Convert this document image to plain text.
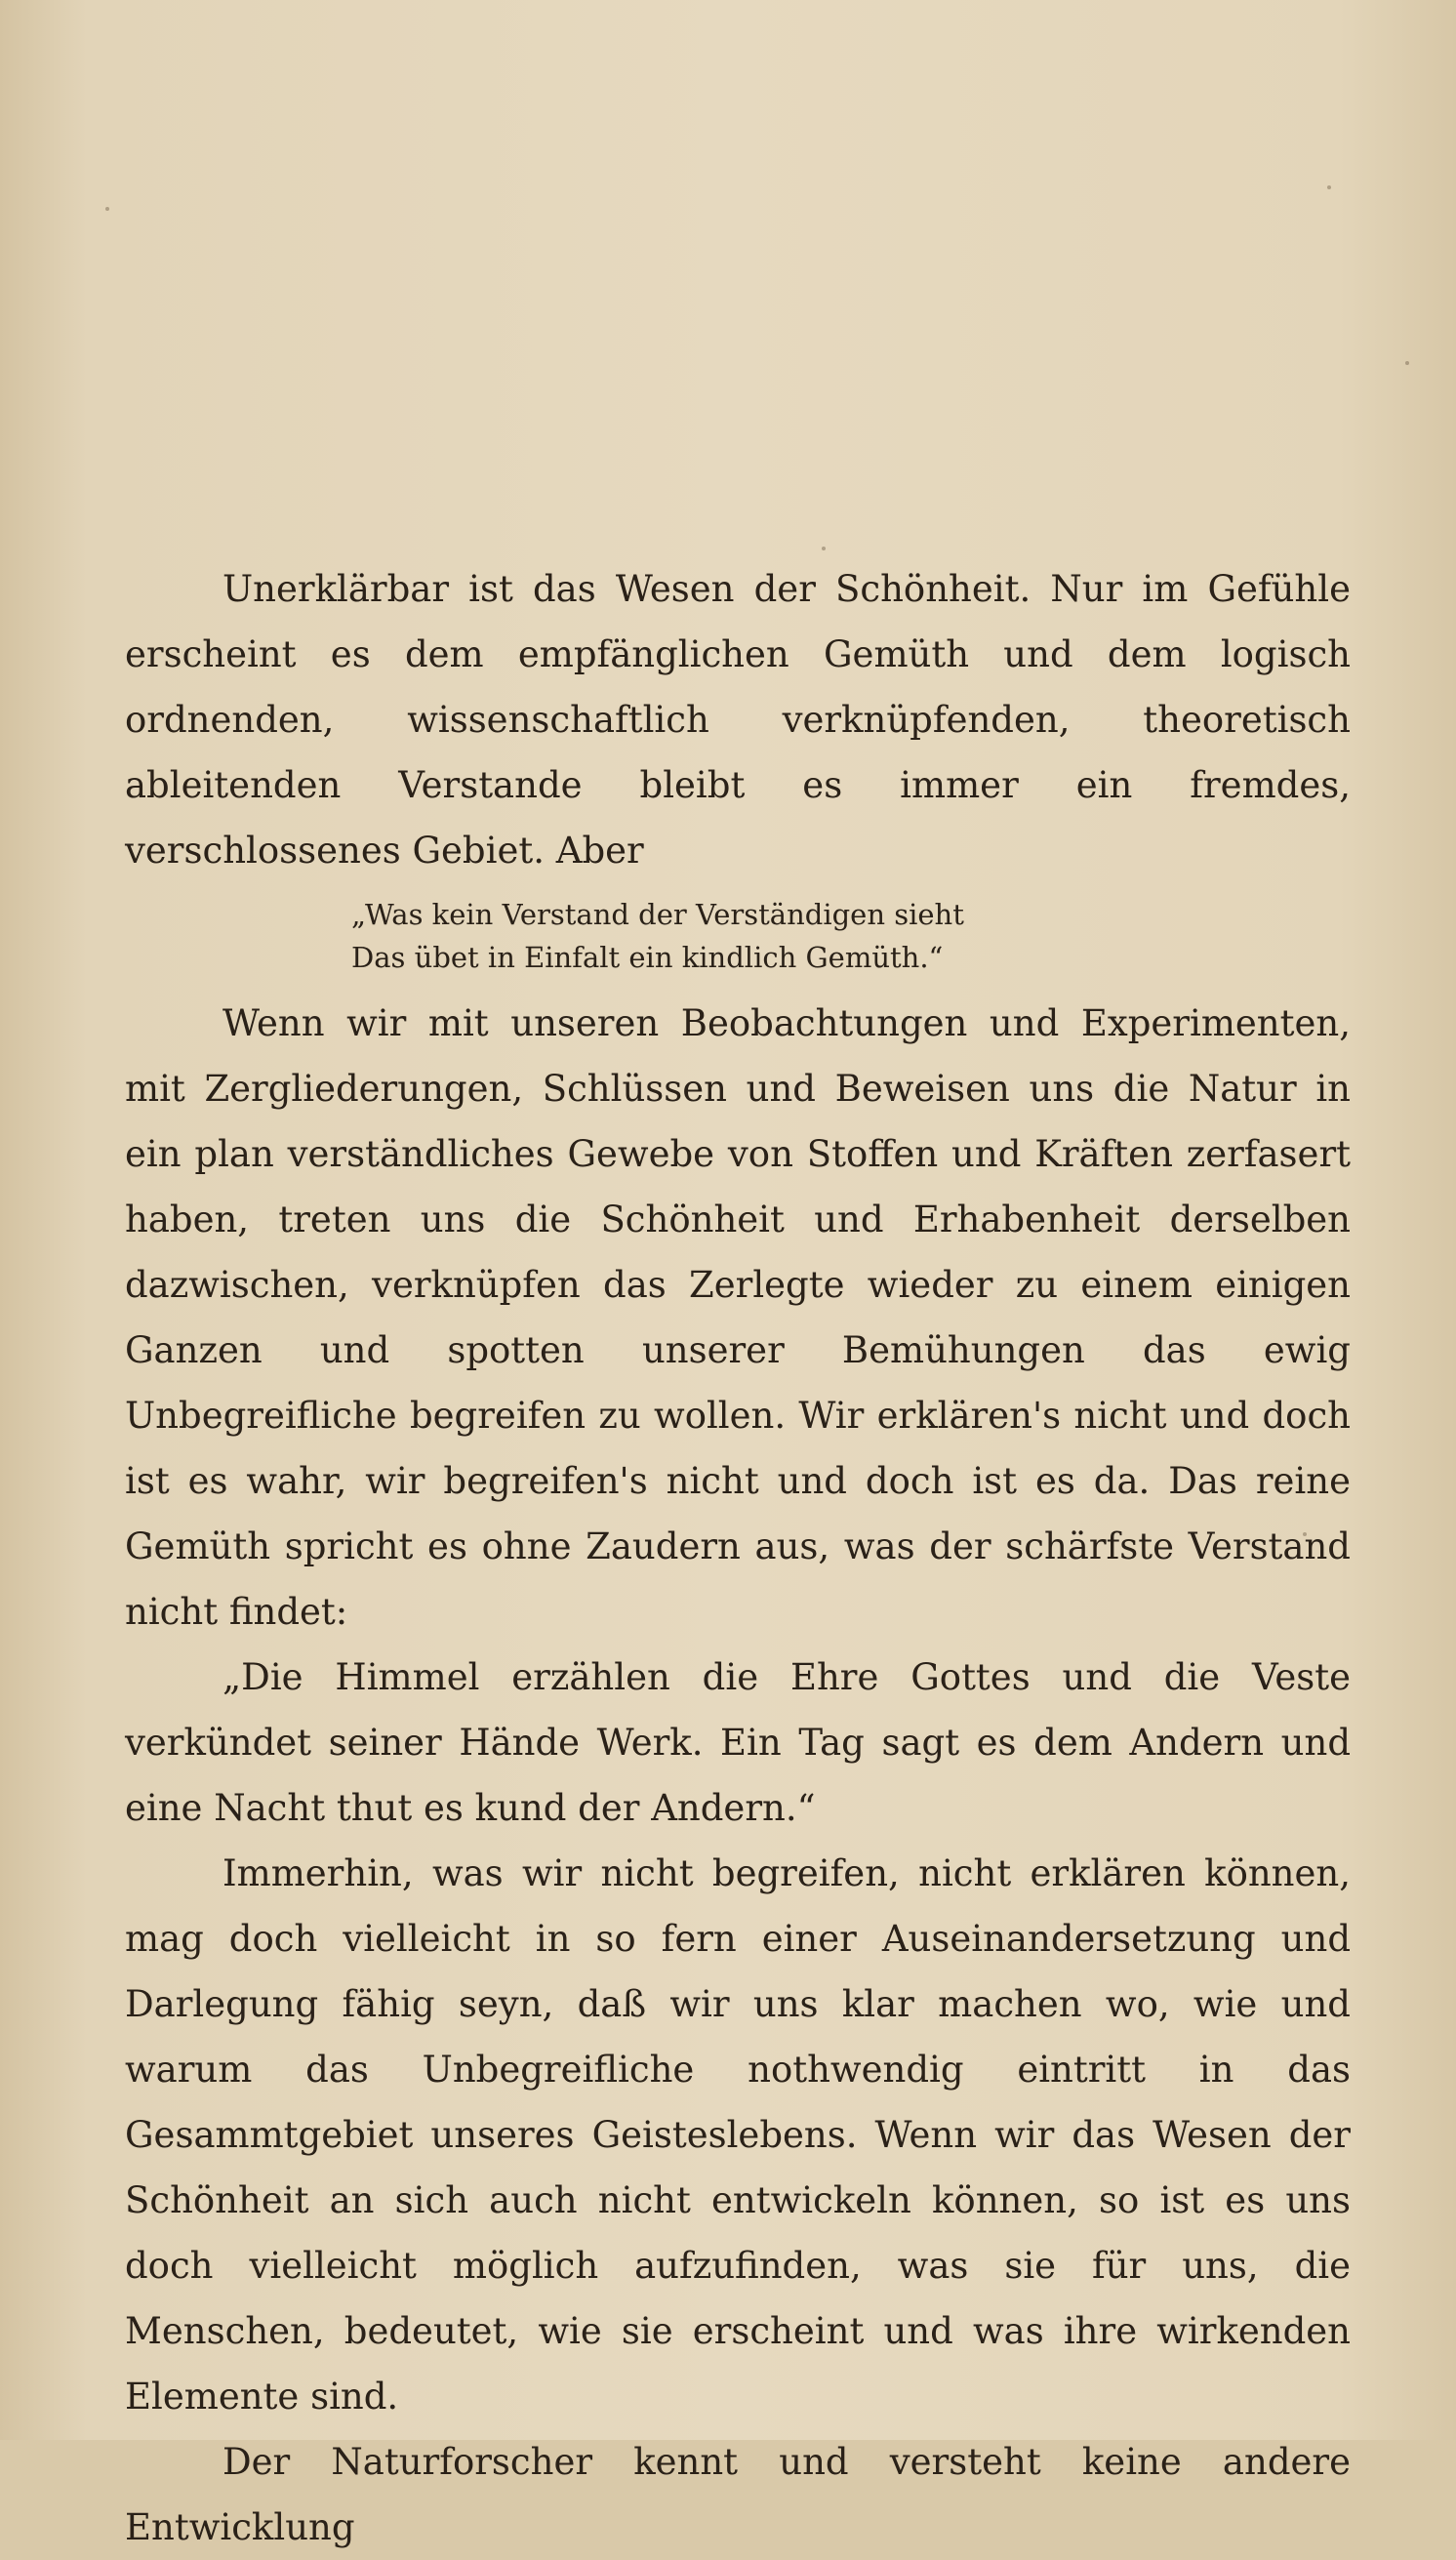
Unerklärbar ist das Wesen der Schönheit. Nur im Gefühle erscheint es dem empfänglichen Gemüth und dem logisch ordnenden, wissenschaftlich verknüpfenden, theoretisch ableitenden Verstande bleibt es immer ein fremdes, verschlossenes Gebiet. Aber

„Was kein Verstand der Verständigen sieht
Das übet in Einfalt ein kindlich Gemüth.“

Wenn wir mit unseren Beobachtungen und Experimenten, mit Zergliederungen, Schlüssen und Beweisen uns die Natur in ein plan verständliches Gewebe von Stoffen und Kräften zerfasert haben, treten uns die Schönheit und Erhabenheit derselben dazwischen, verknüpfen das Zerlegte wieder zu einem einigen Ganzen und spotten unserer Bemühungen das ewig Unbegreifliche begreifen zu wollen. Wir erklären's nicht und doch ist es wahr, wir begreifen's nicht und doch ist es da. Das reine Gemüth spricht es ohne Zaudern aus, was der schärfste Verstand nicht findet:

„Die Himmel erzählen die Ehre Gottes und die Veste verkündet seiner Hände Werk. Ein Tag sagt es dem Andern und eine Nacht thut es kund der Andern.“

Immerhin, was wir nicht begreifen, nicht erklären können, mag doch vielleicht in so fern einer Auseinandersetzung und Darlegung fähig seyn, daß wir uns klar machen wo, wie und warum das Unbegreifliche nothwendig eintritt in das Gesammtgebiet unseres Geisteslebens. Wenn wir das Wesen der Schönheit an sich auch nicht entwickeln können, so ist es uns doch vielleicht möglich aufzufinden, was sie für uns, die Menschen, bedeutet, wie sie erscheint und was ihre wirkenden Elemente sind.

Der Naturforscher kennt und versteht keine andere Entwicklung
